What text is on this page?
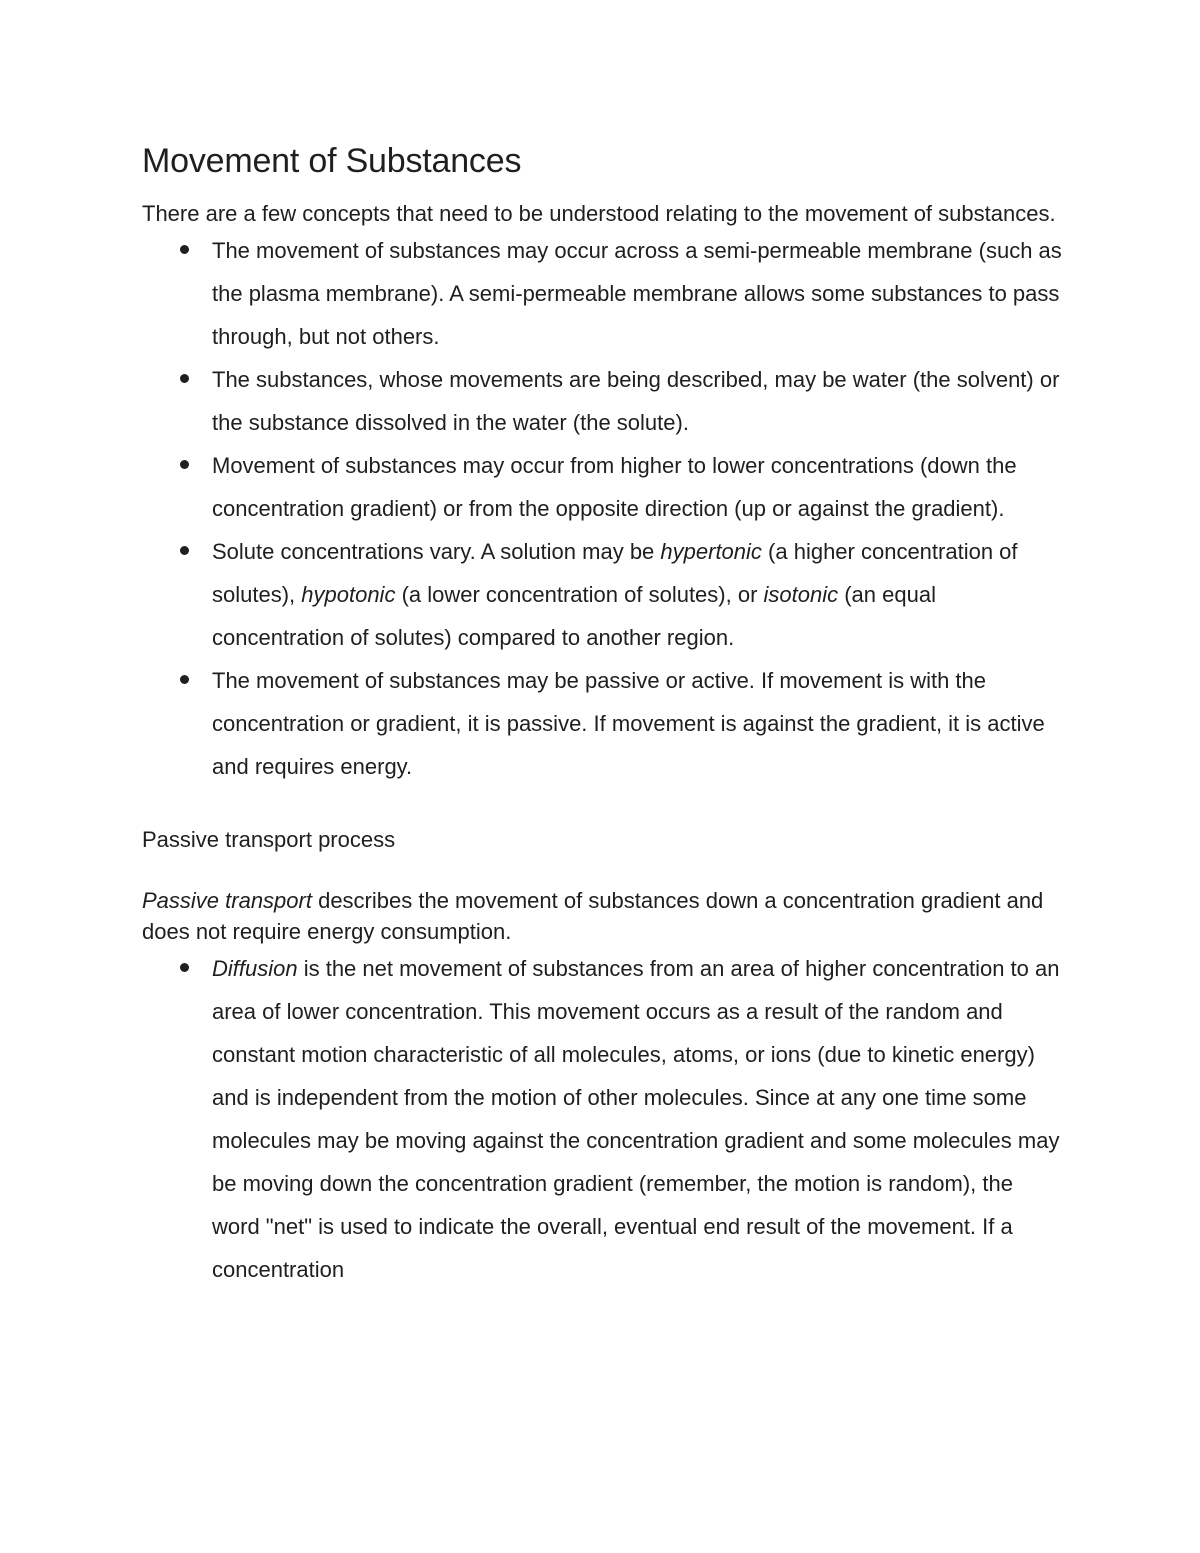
Movement of Substances

There are a few concepts that need to be understood relating to the movement of substances.

The movement of substances may occur across a semi-permeable membrane (such as the plasma membrane). A semi-permeable membrane allows some substances to pass through, but not others.
The substances, whose movements are being described, may be water (the solvent) or the substance dissolved in the water (the solute).
Movement of substances may occur from higher to lower concentrations (down the concentration gradient) or from the opposite direction (up or against the gradient).
Solute concentrations vary. A solution may be hypertonic (a higher concentration of solutes), hypotonic (a lower concentration of solutes), or isotonic (an equal concentration of solutes) compared to another region.
The movement of substances may be passive or active. If movement is with the concentration or gradient, it is passive. If movement is against the gradient, it is active and requires energy.

Passive transport process

Passive transport describes the movement of substances down a concentration gradient and does not require energy consumption.

Diffusion is the net movement of substances from an area of higher concentration to an area of lower concentration. This movement occurs as a result of the random and constant motion characteristic of all molecules, atoms, or ions (due to kinetic energy) and is independent from the motion of other molecules. Since at any one time some molecules may be moving against the concentration gradient and some molecules may be moving down the concentration gradient (remember, the motion is random), the word "net" is used to indicate the overall, eventual end result of the movement. If a concentration
